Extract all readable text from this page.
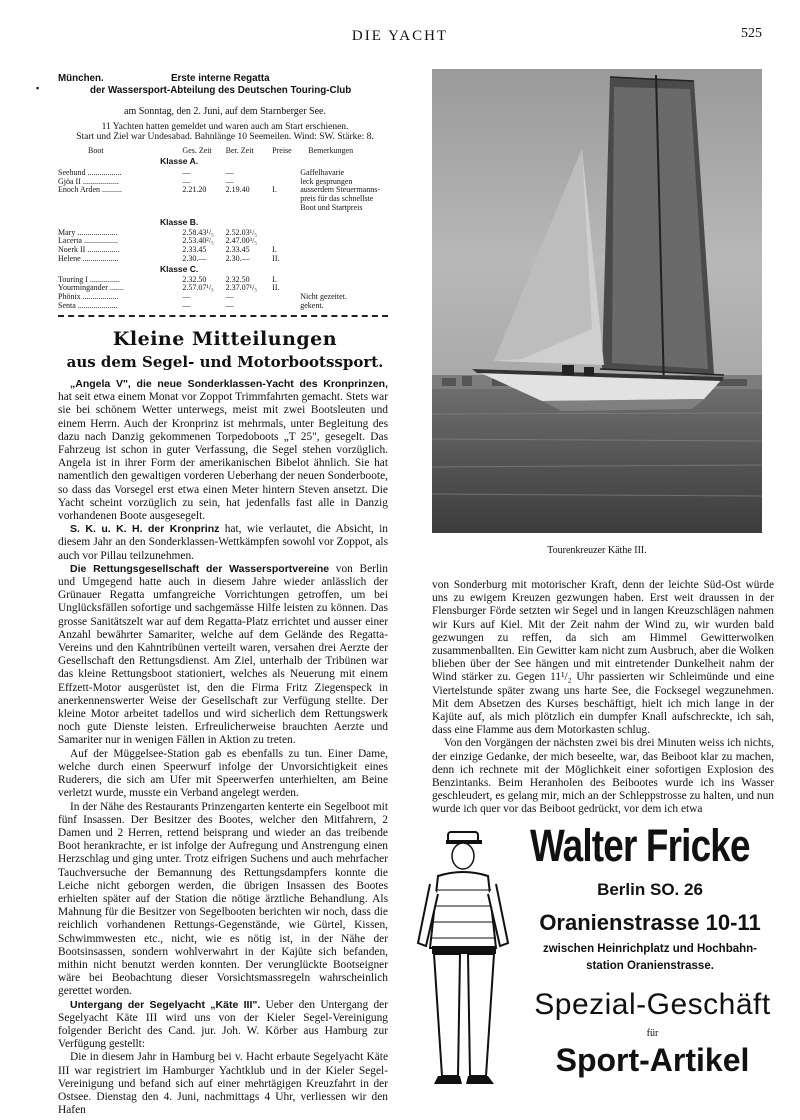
DIE YACHT	525
▪
München.	Erste interne Regatta
der Wassersport-Abteilung des Deutschen Touring-Club
am Sonntag, den 2. Juni, auf dem Starnberger See.
11 Yachten hatten gemeldet und waren auch am Start erschienen.
Start und Ziel war Undesabad. Bahnlänge 10 Seemeilen. Wind: SW. Stärke: 8.
Boot	Ges. Zeit	Ber. Zeit	Preise	Bemerkungen
Klasse A.				
Seehund .................	—	—		Gaffelhavarie
Gjöa II ..................	—	—		leck gesprungen
Enoch Arden ..........	2.21.20	2.19.40	I.	ausserdem Steuermanns-
				preis für das schnellste
				Boot und Startpreis
Klasse B.				
Mary ....................	2.58.43¹/₅	2.52.03¹/₅		
Lacerta .................	2.53.40²/₅	2.47.00³/₅		
Noerk II ................	2.33.45	2.33.45	I.	
Helene ..................	2.30.—	2.30.—	II.	
Klasse C.				
Touring I ...............	2.32.50	2.32.50	I.	
Yourmingander .......	2.57.07¹/₅	2.37.07¹/₅	II.	
Phönix ..................	—	—		Nicht gezeitet.
Senta ....................	—	—		gekent.
Kleine Mitteilungen
aus dem Segel- und Motorbootssport.

„Angela V", die neue Sonderklassen-Yacht des Kronprinzen, hat seit etwa einem Monat vor Zoppot Trimmfahrten gemacht. Stets war sie bei schönem Wetter unterwegs, meist mit zwei Bootsleuten und einem Herrn. Auch der Kronprinz ist mehrmals, unter Begleitung des dazu nach Danzig gekommenen Torpedoboots „T 25", gesegelt. Das Fahrzeug ist schon in guter Verfassung, die Segel stehen vorzüglich. Angela ist in ihrer Form der amerikanischen Bibelot ähnlich. Sie hat namentlich den gewaltigen vorderen Ueberhang der neuen Sonderboote, so dass das Vorsegel erst etwa einen Meter hintern Steven ansetzt. Die Yacht scheint vorzüglich zu sein, hat jedenfalls fast alle in Danzig vorhandenen Boote ausgesegelt.

S. K. u. K. H. der Kronprinz hat, wie verlautet, die Absicht, in diesem Jahr an den Sonderklassen-Wettkämpfen sowohl vor Zoppot, als auch vor Pillau teilzunehmen.

Die Rettungsgesellschaft der Wassersportvereine von Berlin und Umgegend hatte auch in diesem Jahre wieder anlässlich der Grünauer Regatta umfangreiche Vorrichtungen getroffen, um bei Unglücksfällen sofortige und sachgemässe Hilfe leisten zu können. Das grosse Sanitätszelt war auf dem Regatta-Platz errichtet und ausser einer Anzahl bewährter Samariter, welche auf dem Gelände des Regatta-Vereins und den Kahntribünen verteilt waren, versahen drei Aerzte der Gesellschaft den Rettungsdienst. Am Ziel, unterhalb der Tribünen war das kleine Rettungsboot stationiert, welches als Neuerung mit einem Effzett-Motor ausgerüstet ist, den die Firma Fritz Ziegenspeck in anerkennenswerter Weise der Gesellschaft zur Verfügung stellte. Der kleine Motor arbeitet tadellos und wird sicherlich dem Rettungswerk noch gute Dienste leisten. Erfreulicherweise brauchten Aerzte und Samariter nur in wenigen Fällen in Aktion zu treten.

Auf der Müggelsee-Station gab es ebenfalls zu tun. Einer Dame, welche durch einen Speerwurf infolge der Unvorsichtigkeit eines Ruderers, die sich am Ufer mit Speerwerfen unterhielten, am Beine verletzt wurde, musste ein Verband angelegt werden.

In der Nähe des Restaurants Prinzengarten kenterte ein Segelboot mit fünf Insassen. Der Besitzer des Bootes, welcher den Mitfahrern, 2 Damen und 2 Herren, rettend beisprang und wieder an das treibende Boot herankrachte, er ist infolge der Aufregung und Anstrengung einen Herzschlag und ging unter. Trotz eifrigen Suchens und auch mehrfacher Tauchversuche der Bemannung des Rettungsdampfers konnte die Leiche nicht geborgen werden, die übrigen Insassen des Bootes erhielten später auf der Station die nötige ärztliche Behandlung. Als Mahnung für die Besitzer von Segelbooten berichten wir noch, dass die reichlich vorhandenen Rettungs-Gegenstände, wie Gürtel, Kissen, Schwimmwesten etc., nicht, wie es nötig ist, in der Nähe der Bootsinsassen, sondern wohlverwahrt in der Kajüte sich befanden, mithin nicht benutzt werden konnten. Der verunglückte Bootseigner wäre bei Beobachtung dieser Vorsichtsmassregeln wahrscheinlich gerettet worden.

Untergang der Segelyacht „Käte III". Ueber den Untergang der Segelyacht Käte III wird uns von der Kieler Segel-Vereinigung folgender Bericht des Cand. jur. Joh. W. Körber aus Hamburg zur Verfügung gestellt:

Die in diesem Jahr in Hamburg bei v. Hacht erbaute Segelyacht Käte III war registriert im Hamburger Yachtklub und in der Kieler Segel-Vereinigung und befand sich auf einer mehrtägigen Kreuzfahrt in der Ostsee. Dienstag den 4. Juni, nachmittags 4 Uhr, verliessen wir den Hafen

Tourenkreuzer Käthe III.

von Sonderburg mit motorischer Kraft, denn der leichte Süd-Ost würde uns zu ewigem Kreuzen gezwungen haben. Erst weit draussen in der Flensburger Förde setzten wir Segel und in langen Kreuzschlägen nahmen wir Kurs auf Kiel. Mit der Zeit nahm der Wind zu, wir wurden bald gezwungen zu reffen, da sich am Himmel Gewitterwolken zusammenballten. Ein Gewitter kam nicht zum Ausbruch, aber die Wolken blieben über der See hängen und mit eintretender Dunkelheit nahm der Wind stärker zu. Gegen 11¹/₂ Uhr passierten wir Schleimünde und eine Viertelstunde später zwang uns harte See, die Focksegel wegzunehmen. Mit dem Absetzen des Kurses beschäftigt, hielt ich mich lange in der Kajüte auf, als mich plötzlich ein dumpfer Knall aufschreckte, ich sah, dass eine Flamme aus dem Motorkasten schlug.

Von den Vorgängen der nächsten zwei bis drei Minuten weiss ich nichts, der einzige Gedanke, der mich beseelte, war, das Beiboot klar zu machen, denn ich rechnete mit der Möglichkeit einer sofortigen Explosion des Benzintanks. Beim Heranholen des Beibootes wurde ich ins Wasser geschleudert, es gelang mir, mich an der Schleppstrosse zu halten, und nun wurde ich quer vor das Beiboot gedrückt, vor dem ich etwa

Walter Fricke
Berlin SO. 26
Oranienstrasse 10-11
zwischen Heinrichplatz und Hochbahn-
station Oranienstrasse.
Spezial-Geschäft
für
Sport-Artikel
